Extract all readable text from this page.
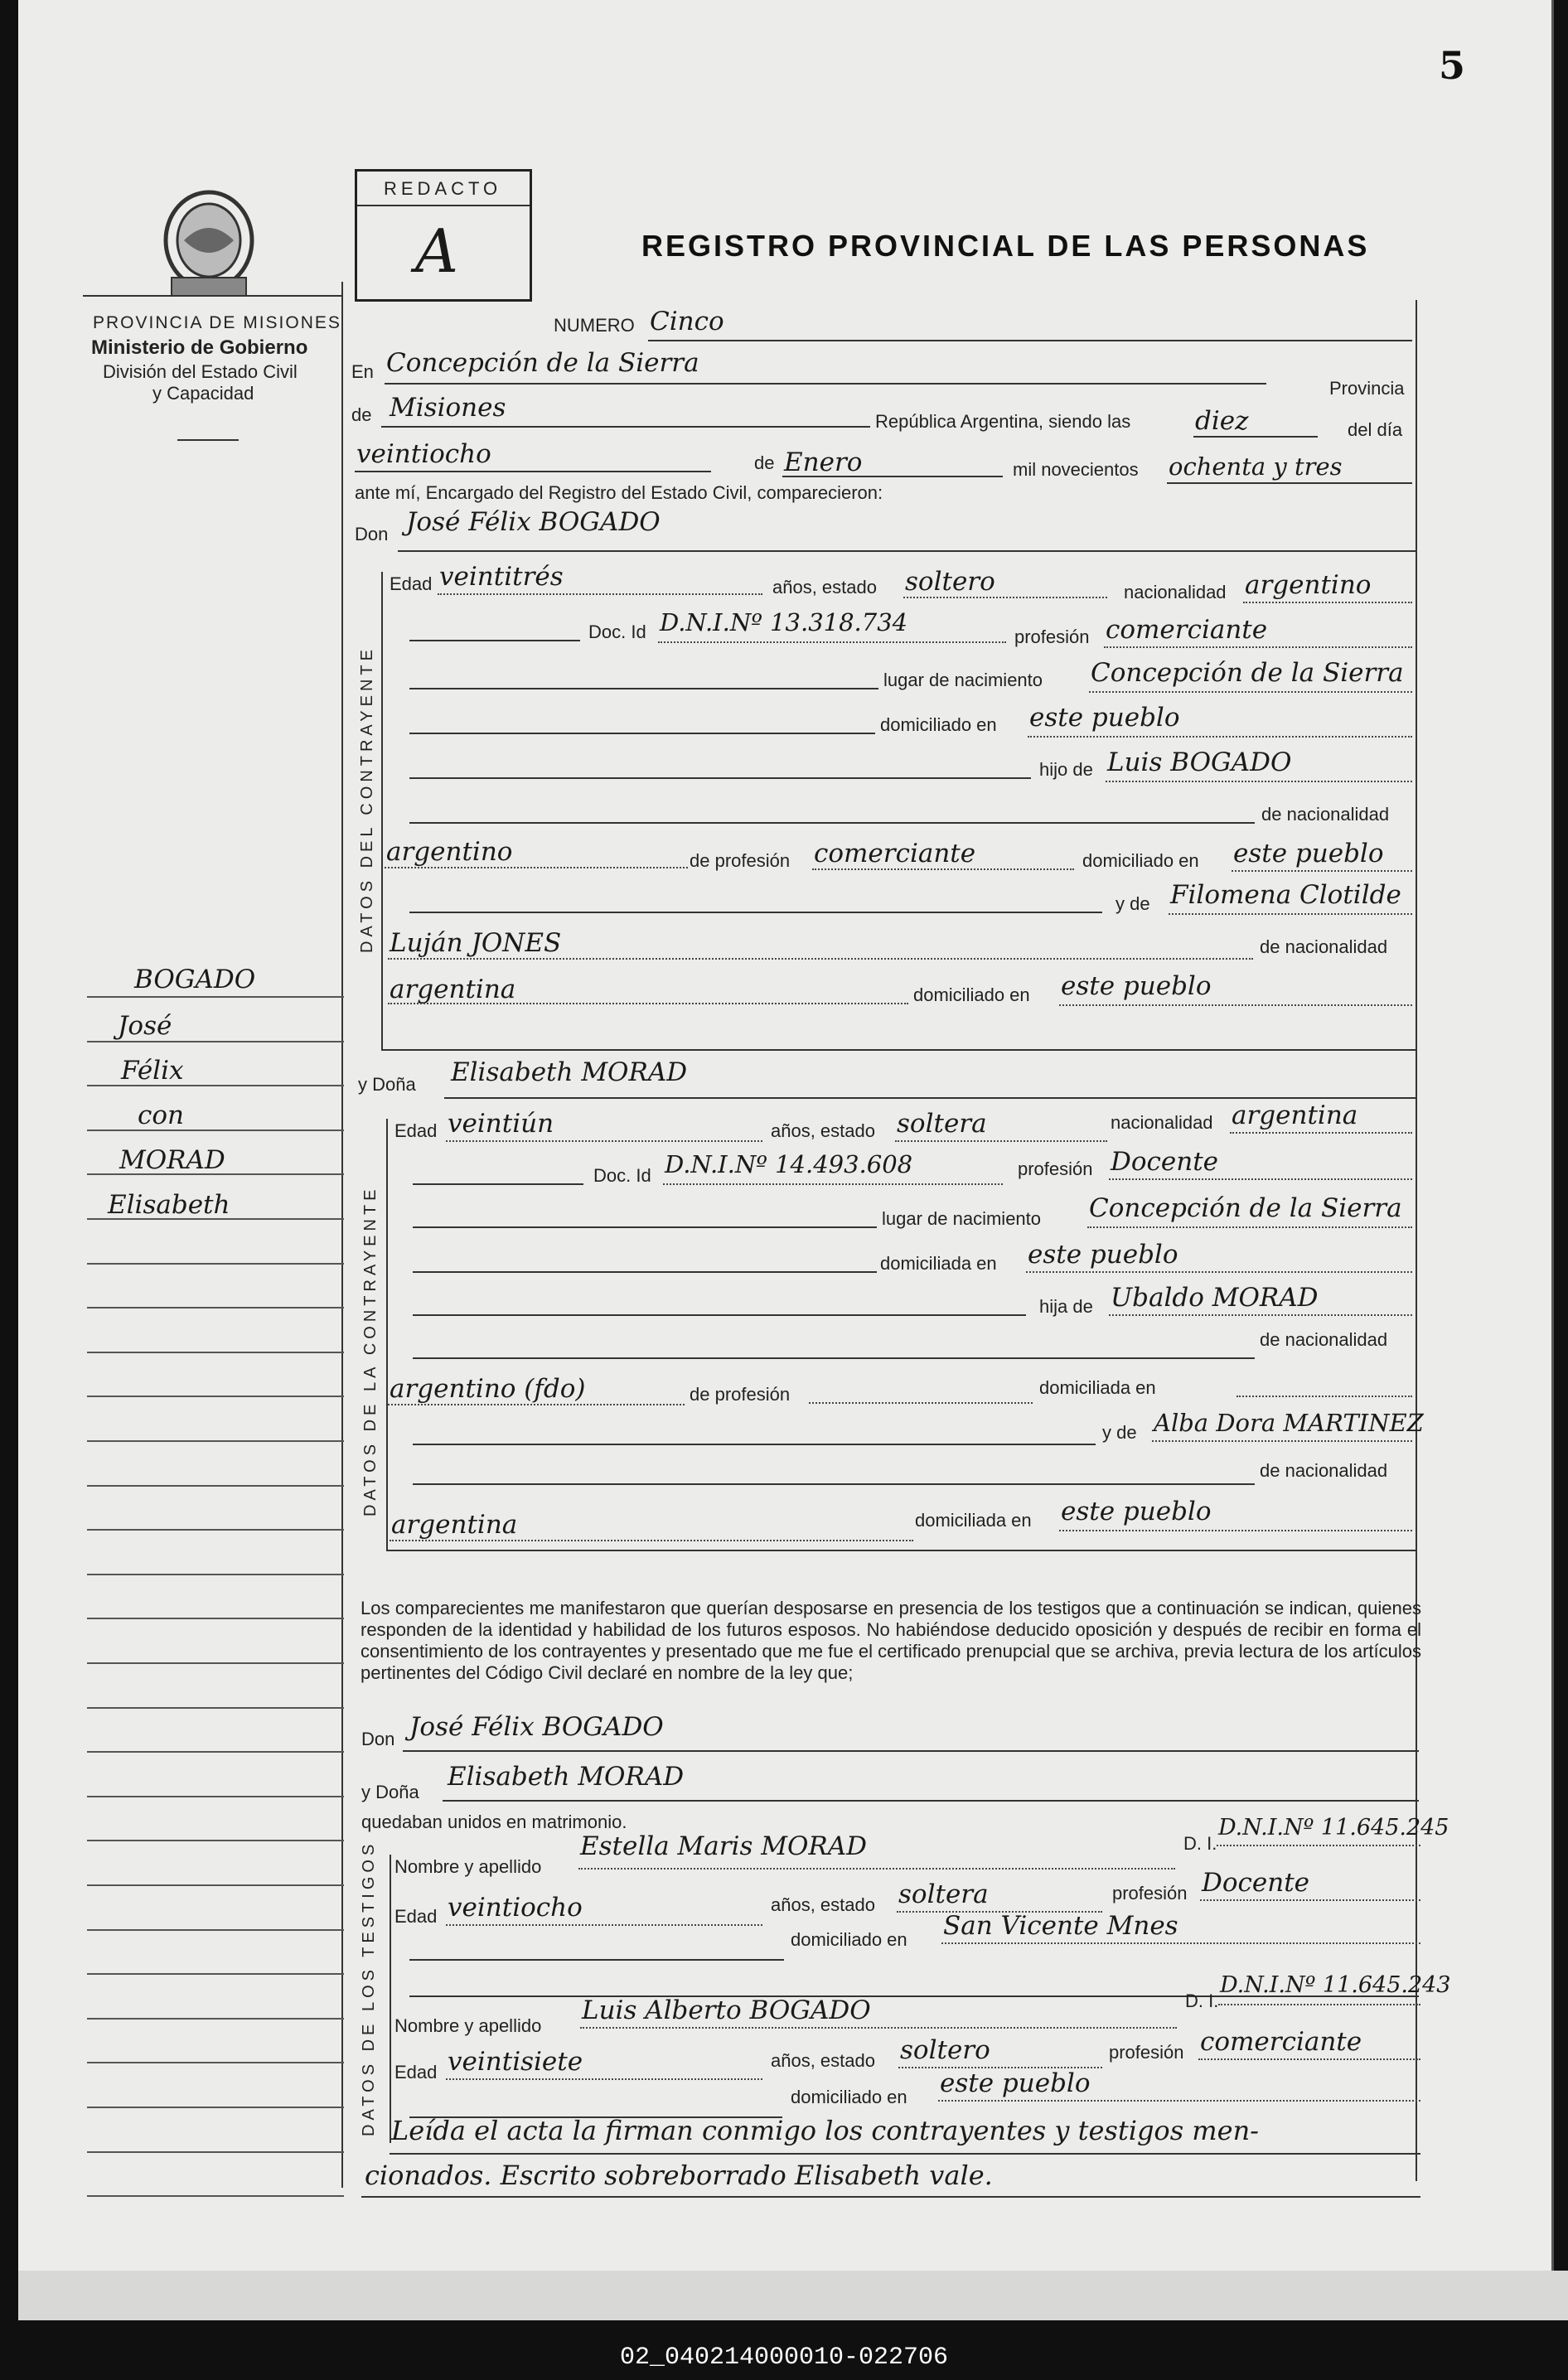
5
PROVINCIA DE MISIONES
Ministerio de Gobierno
División del Estado Civil
y Capacidad
REDACTO
A	REGISTRO PROVINCIAL DE LAS PERSONAS
NUMERO Cinco
En Concepción de la Sierra
Provincia
de Misiones	República Argentina, siendo las	diez	del día
veintiocho	de Enero	mil novecientos ochenta y tres
ante mí, Encargado del Registro del Estado Civil, comparecieron:
Don José Félix BOGADO
DATOS DEL CONTRAYENTE
Edad veintitrés	años, estado soltero	nacionalidad argentino
Doc. Id D.N.I.Nº 13.318.734
profesión comerciante
lugar de nacimiento Concepción de la Sierra
domiciliado en este pueblo
hijo de Luis BOGADO
de nacionalidad
argentino	de profesión comerciante	domiciliado en este pueblo
y de Filomena Clotilde
Luján JONES	de nacionalidad
argentina	domiciliado en este pueblo
y Doña Elisabeth MORAD
DATOS DE LA CONTRAYENTE
Edad veintiún	años, estado soltera	nacionalidad argentina
Doc. Id D.N.I.Nº 14.493.608	profesión Docente
lugar de nacimiento Concepción de la Sierra
domiciliada en este pueblo
hija de Ubaldo MORAD
de nacionalidad
argentino (fdo)	de profesión	domiciliada en
y de Alba Dora MARTINEZ
de nacionalidad
argentina	domiciliada en este pueblo
Los comparecientes me manifestaron que querían desposarse en presencia de los testigos que a continuación se indican, quienes responden de la identidad y habilidad de los futuros esposos. No habiéndose deducido oposición y después de recibir en forma el consentimiento de los contrayentes y presentado que me fue el certificado prenupcial que se archiva, previa lectura de los artículos pertinentes del Código Civil declaré en nombre de la ley que;
Don José Félix BOGADO
y Doña
Elisabeth MORAD
quedaban unidos en matrimonio.
DATOS DE LOS TESTIGOS Nombre y apellido
Estella Maris MORAD	D. I.
D.N.I.Nº 11.645.245
Edad veintiocho	años, estado soltera	profesión Docente
domiciliado en San Vicente Mnes
Nombre y apellido
Luis Alberto BOGADO	D. I.
D.N.I.Nº 11.645.243
Edad veintisiete	años, estado soltero	profesión comerciante
domiciliado en este pueblo
Leída el acta la firman conmigo los contrayentes y testigos men-
cionados. Escrito sobreborrado Elisabeth vale.
BOGADO
José
Félix
con
MORAD
Elisabeth
02_040214000010-022706
